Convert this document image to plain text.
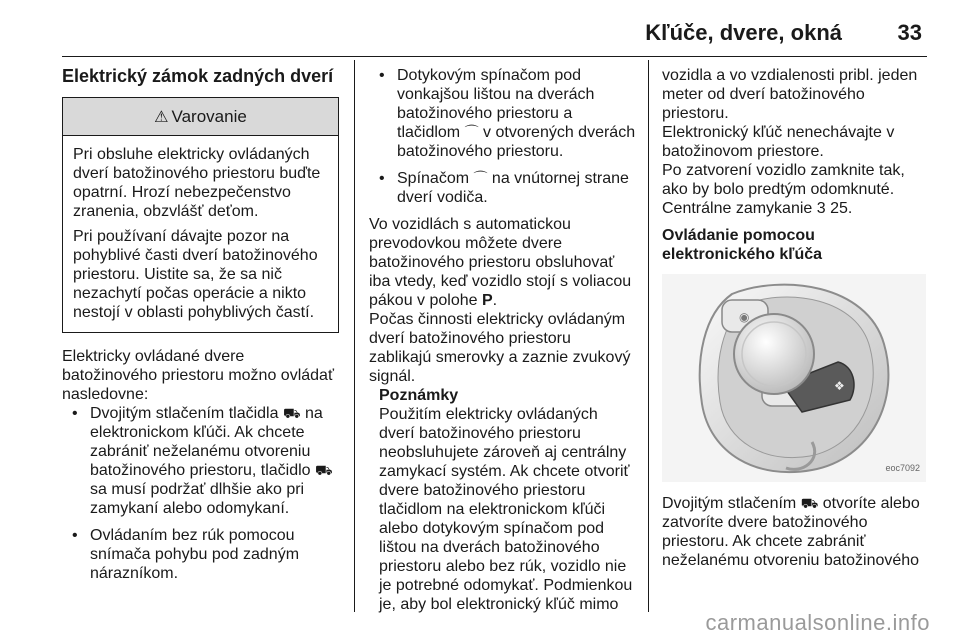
Kľúče, dvere, okná	33
Elektrický zámok zadných dverí
⚠ Varovanie

Pri obsluhe elektricky ovládaných dverí batožinového priestoru buďte opatrní. Hrozí nebezpečenstvo zranenia, obzvlášť deťom.

Pri používaní dávajte pozor na pohyblivé časti dverí batožinového priestoru. Uistite sa, že sa nič nezachytí počas operácie a nikto nestojí v oblasti pohyblivých častí.

Elektricky ovládané dvere batožinového priestoru možno ovládať nasledovne:

• Dvojitým stlačením tlačidla ⛟ na elektronickom kľúči. Ak chcete zabrániť neželanému otvoreniu batožinového priestoru, tlačidlo ⛟ sa musí podržať dlhšie ako pri zamykaní alebo odomykaní.
• Ovládaním bez rúk pomocou snímača pohybu pod zadným nárazníkom.
• Dotykovým spínačom pod vonkajšou lištou na dverách batožinového priestoru a tlačidlom ⌒ v otvorených dverách batožinového priestoru.
• Spínačom ⌒ na vnútornej strane dverí vodiča.

Vo vozidlách s automatickou prevodovkou môžete dvere batožinového priestoru obsluhovať iba vtedy, keď vozidlo stojí s voliacou pákou v polohe P.

Počas činnosti elektricky ovládaným dverí batožinového priestoru zablikajú smerovky a zaznie zvukový signál.

Poznámky
Použitím elektricky ovládaných dverí batožinového priestoru neobsluhujete zároveň aj centrálny zamykací systém. Ak chcete otvoriť dvere batožinového priestoru tlačidlom na elektronickom kľúči alebo dotykovým spínačom pod lištou na dverách batožinového priestoru alebo bez rúk, vozidlo nie je potrebné odomykať. Podmienkou je, aby bol elektronický kľúč mimo

vozidla a vo vzdialenosti pribl. jeden meter od dverí batožinového priestoru.

Elektronický kľúč nenechávajte v batožinovom priestore.

Po zatvorení vozidlo zamknite tak, ako by bolo predtým odomknuté.

Centrálne zamykanie 3 25.

Ovládanie pomocou elektronického kľúča
◉
❖
eoc7092

Dvojitým stlačením ⛟ otvoríte alebo zatvoríte dvere batožinového priestoru. Ak chcete zabrániť neželanému otvoreniu batožinového

carmanualsonline.info
